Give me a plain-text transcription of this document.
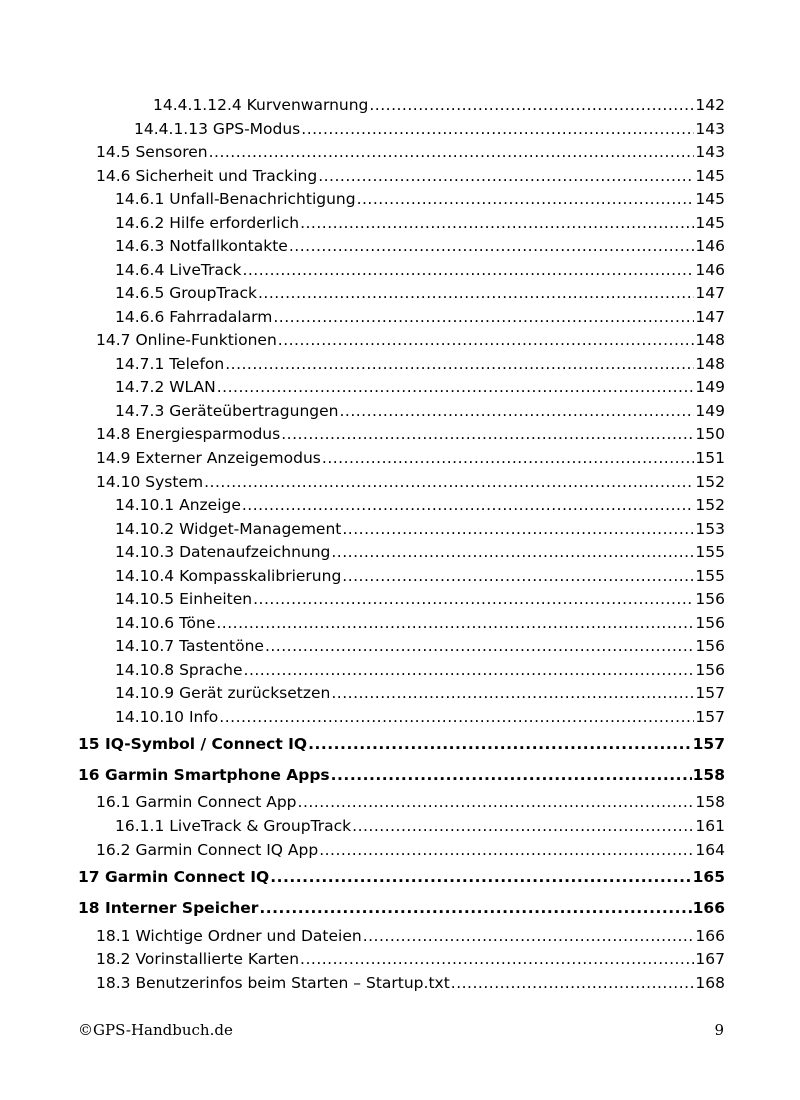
14.4.1.12.4 Kurvenwarnung .....	142
14.4.1.13 GPS-Modus .....	143
14.5 Sensoren .....	143
14.6 Sicherheit und Tracking .....	145
14.6.1 Unfall-Benachrichtigung .....	145
14.6.2 Hilfe erforderlich .....	145
14.6.3 Notfallkontakte .....	146
14.6.4 LiveTrack .....	146
14.6.5 GroupTrack .....	147
14.6.6 Fahrradalarm .....	147
14.7 Online-Funktionen .....	148
14.7.1 Telefon .....	148
14.7.2 WLAN .....	149
14.7.3 Geräteübertragungen .....	149
14.8 Energiesparmodus .....	150
14.9 Externer Anzeigemodus .....	151
14.10 System .....	152
14.10.1 Anzeige .....	152
14.10.2 Widget-Management .....	153
14.10.3 Datenaufzeichnung .....	155
14.10.4 Kompasskalibrierung .....	155
14.10.5 Einheiten .....	156
14.10.6 Töne .....	156
14.10.7 Tastentöne .....	156
14.10.8 Sprache .....	156
14.10.9 Gerät zurücksetzen .....	157
14.10.10 Info .....	157
15 IQ-Symbol / Connect IQ .....	157
16 Garmin Smartphone Apps .....	158
16.1 Garmin Connect App .....	158
16.1.1 LiveTrack & GroupTrack .....	161
16.2 Garmin Connect IQ App .....	164
17 Garmin Connect IQ .....	165
18 Interner Speicher .....	166
18.1 Wichtige Ordner und Dateien .....	166
18.2 Vorinstallierte Karten .....	167
18.3 Benutzerinfos beim Starten – Startup.txt .....	168
©GPS-Handbuch.de	9
